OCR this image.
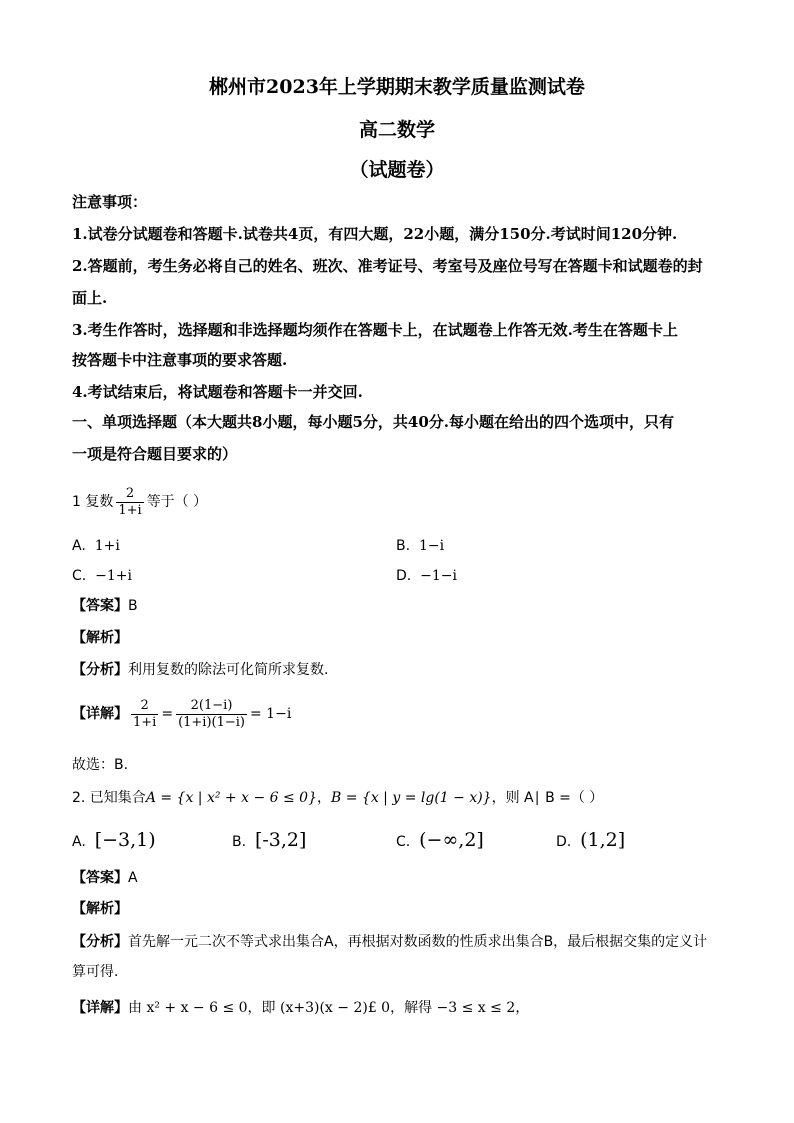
郴州市2023年上学期期末教学质量监测试卷
高二数学
（试题卷）
注意事项：
1.试卷分试题卷和答题卡.试卷共4页，有四大题，22小题，满分150分.考试时间120分钟.
2.答题前，考生务必将自己的姓名、班次、准考证号、考室号及座位号写在答题卡和试题卷的封
面上.
3.考生作答时，选择题和非选择题均须作在答题卡上，在试题卷上作答无效.考生在答题卡上
按答题卡中注意事项的要求答题.
4.考试结束后，将试题卷和答题卡一并交回.
一、单项选择题（本大题共8小题，每小题5分，共40分.每小题在给出的四个选项中，只有
一项是符合题目要求的）
1 复数 $\frac{2}{1+i}$ 等于（ ）
A. 1+i	B. 1−i
C. −1+i	D. −1−i
【答案】B
【解析】
【分析】利用复数的除法可化简所求复数.
【详解】 $\frac{2}{1+i} = \frac{2(1-i)}{(1+i)(1-i)} = 1-i$
故选：B.
2. 已知集合A = {x | x² + x − 6 ≤ 0}，B = {x | y = lg(1 − x)}，则 A∣ B =（ ）
A. [−3,1)	B. [-3,2]	C. (−∞,2]	D. (1,2]
【答案】A
【解析】
【分析】首先解一元二次不等式求出集合A，再根据对数函数的性质求出集合B，最后根据交集的定义计
算可得.
【详解】由 x² + x − 6 ≤ 0，即 (x+3)(x − 2)£ 0，解得 −3 ≤ x ≤ 2，
